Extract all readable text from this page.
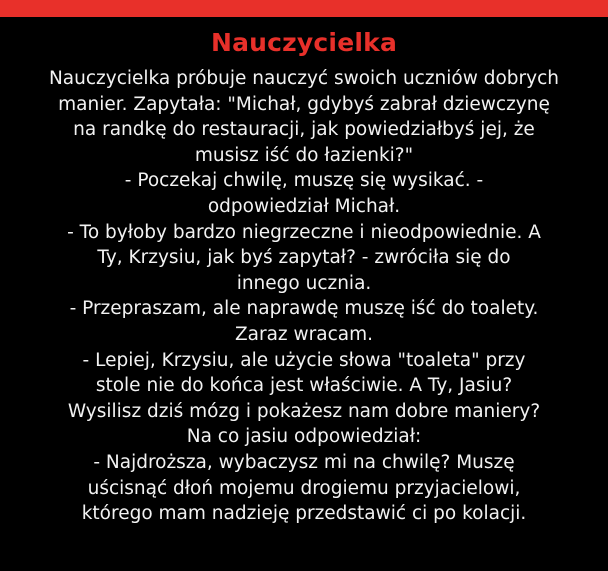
Nauczycielka
Nauczycielka próbuje nauczyć swoich uczniów dobrych
manier. Zapytała: "Michał, gdybyś zabrał dziewczynę
na randkę do restauracji, jak powiedziałbyś jej, że
musisz iść do łazienki?"
- Poczekaj chwilę, muszę się wysikać. -
odpowiedział Michał.
- To byłoby bardzo niegrzeczne i nieodpowiednie. A
Ty, Krzysiu, jak byś zapytał? - zwróciła się do
innego ucznia.
- Przepraszam, ale naprawdę muszę iść do toalety.
Zaraz wracam.
- Lepiej, Krzysiu, ale użycie słowa "toaleta" przy
stole nie do końca jest właściwie. A Ty, Jasiu?
Wysilisz dziś mózg i pokażesz nam dobre maniery?
Na co jasiu odpowiedział:
- Najdroższa, wybaczysz mi na chwilę? Muszę
uścisnąć dłoń mojemu drogiemu przyjacielowi,
którego mam nadzieję przedstawić ci po kolacji.
